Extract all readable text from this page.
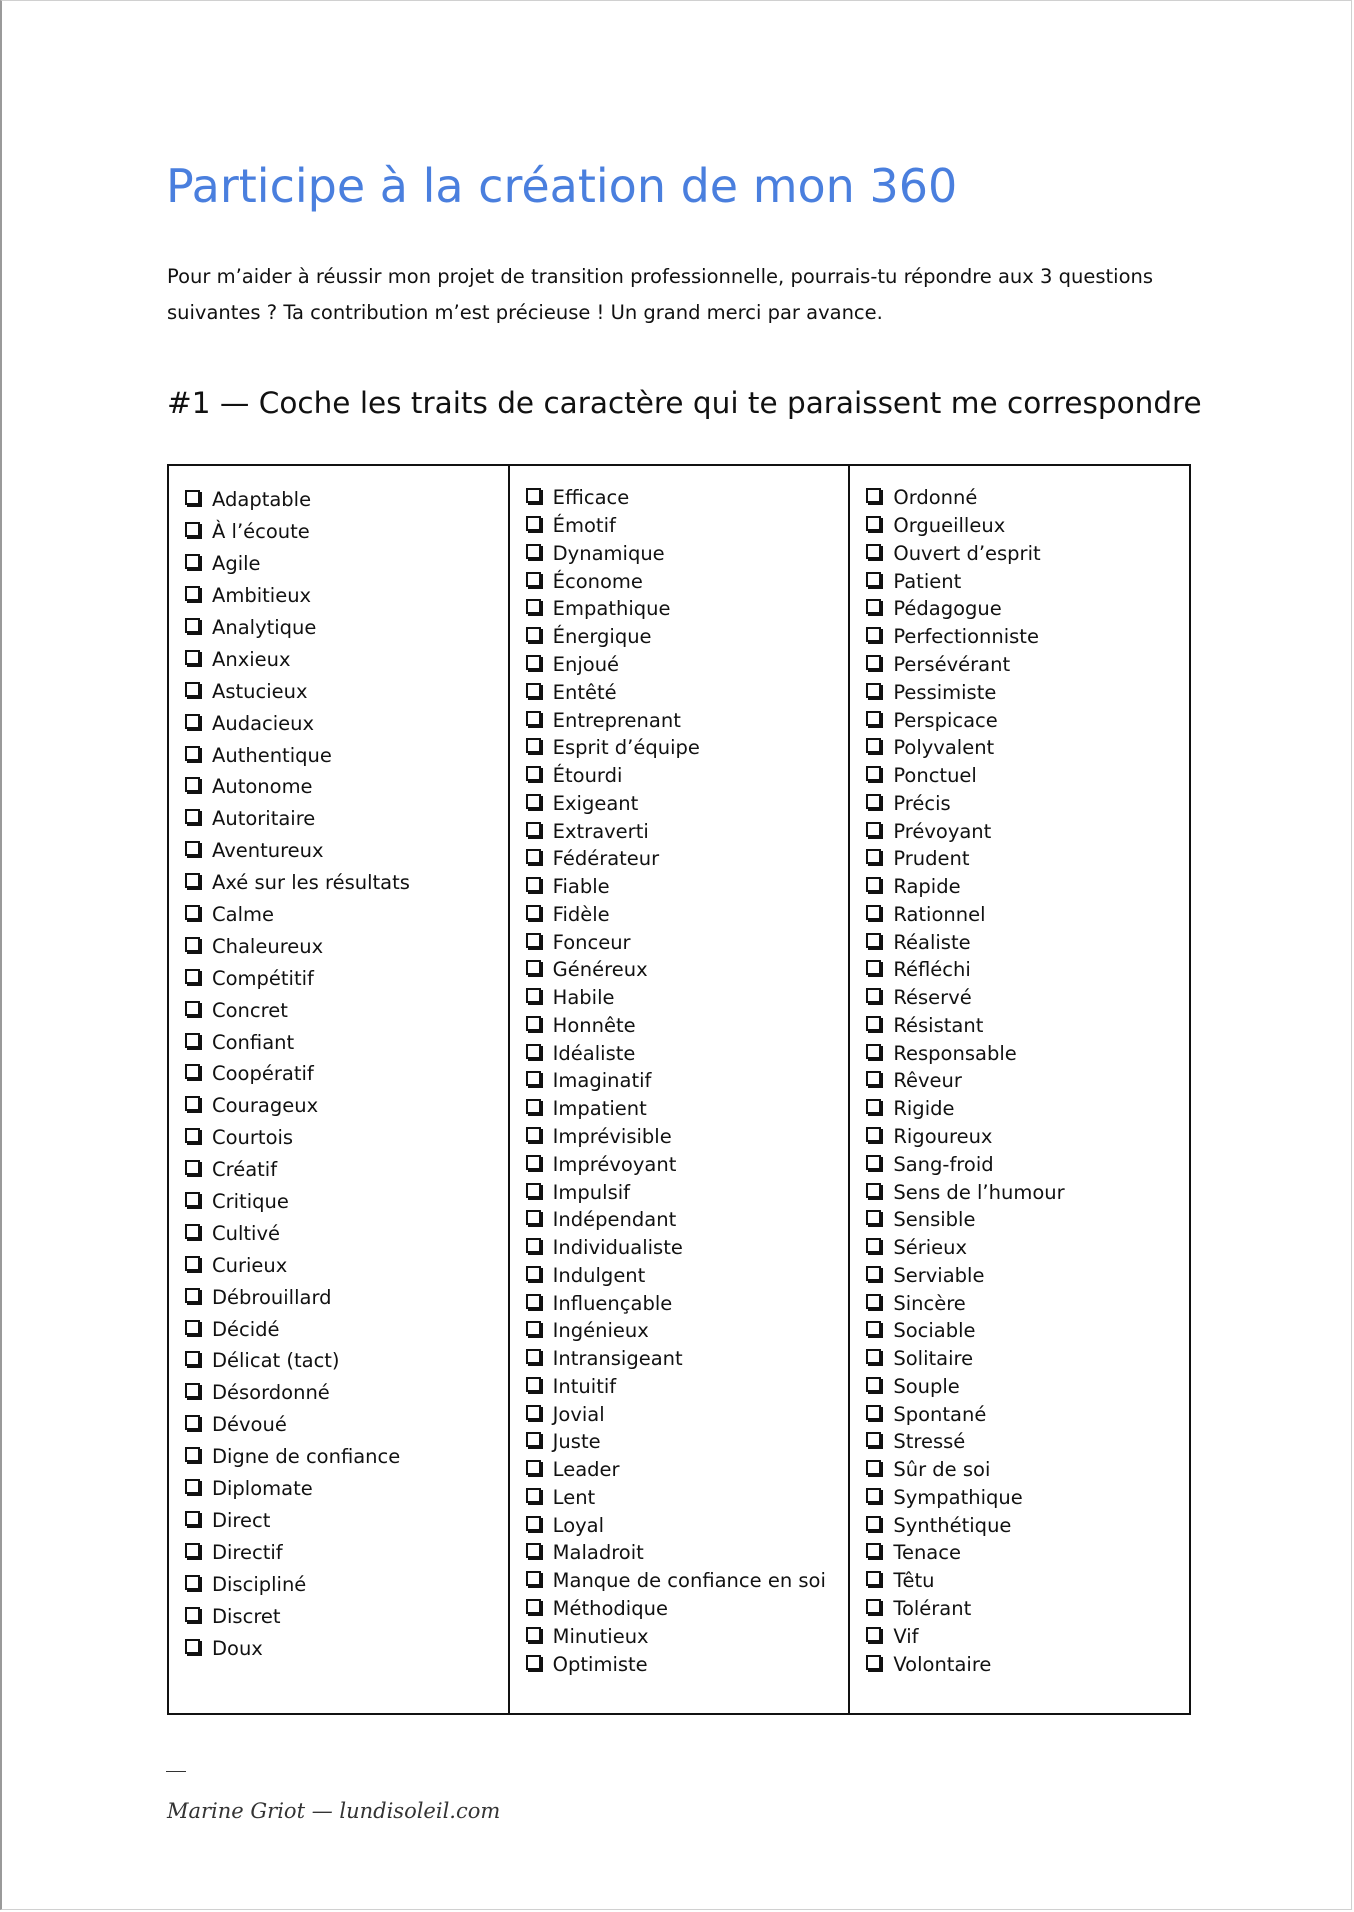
Participe à la création de mon 360

Pour m’aider à réussir mon projet de transition professionnelle, pourrais-tu répondre aux 3 questions suivantes ? Ta contribution m’est précieuse ! Un grand merci par avance.

#1 — Coche les traits de caractère qui te paraissent me correspondre
Adaptable
À l’écoute
Agile
Ambitieux
Analytique
Anxieux
Astucieux
Audacieux
Authentique
Autonome
Autoritaire
Aventureux
Axé sur les résultats
Calme
Chaleureux
Compétitif
Concret
Confiant
Coopératif
Courageux
Courtois
Créatif
Critique
Cultivé
Curieux
Débrouillard
Décidé
Délicat (tact)
Désordonné
Dévoué
Digne de confiance
Diplomate
Direct
Directif
Discipliné
Discret
Doux
Efficace
Émotif
Dynamique
Économe
Empathique
Énergique
Enjoué
Entêté
Entreprenant
Esprit d’équipe
Étourdi
Exigeant
Extraverti
Fédérateur
Fiable
Fidèle
Fonceur
Généreux
Habile
Honnête
Idéaliste
Imaginatif
Impatient
Imprévisible
Imprévoyant
Impulsif
Indépendant
Individualiste
Indulgent
Influençable
Ingénieux
Intransigeant
Intuitif
Jovial
Juste
Leader
Lent
Loyal
Maladroit
Manque de confiance en soi
Méthodique
Minutieux
Optimiste
Ordonné
Orgueilleux
Ouvert d’esprit
Patient
Pédagogue
Perfectionniste
Persévérant
Pessimiste
Perspicace
Polyvalent
Ponctuel
Précis
Prévoyant
Prudent
Rapide
Rationnel
Réaliste
Réfléchi
Réservé
Résistant
Responsable
Rêveur
Rigide
Rigoureux
Sang-froid
Sens de l’humour
Sensible
Sérieux
Serviable
Sincère
Sociable
Solitaire
Souple
Spontané
Stressé
Sûr de soi
Sympathique
Synthétique
Tenace
Têtu
Tolérant
Vif
Volontaire

Marine Griot — lundisoleil.com
